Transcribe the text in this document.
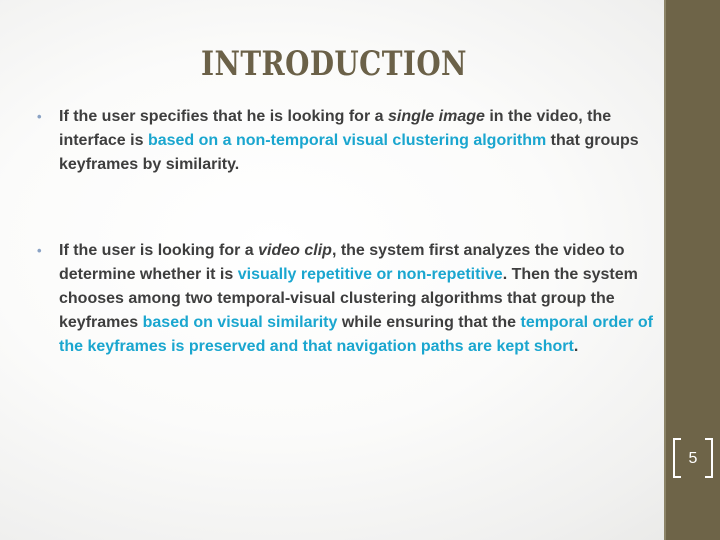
INTRODUCTION
•	If the user specifies that he is looking for a single image in the video, the interface is based on a non-temporal visual clustering algorithm that groups keyframes by similarity.
•	If the user is looking for a video clip, the system first analyzes the video to determine whether it is visually repetitive or non-repetitive. Then the system chooses among two temporal-visual clustering algorithms that group the keyframes based on visual similarity while ensuring that the temporal order of the keyframes is preserved and that navigation paths are kept short.
5
